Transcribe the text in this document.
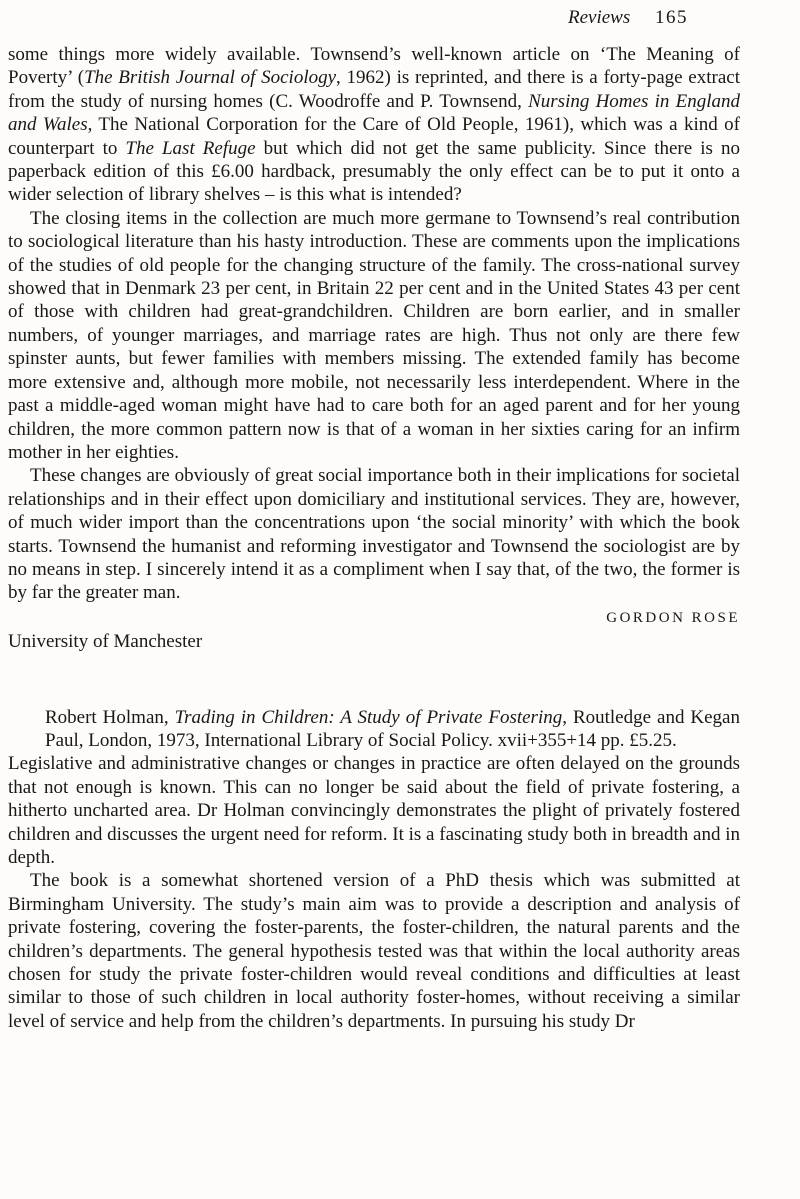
Reviews 165

some things more widely available. Townsend’s well-known article on ‘The Meaning of Poverty’ (The British Journal of Sociology, 1962) is reprinted, and there is a forty-page extract from the study of nursing homes (C. Woodroffe and P. Townsend, Nursing Homes in England and Wales, The National Corporation for the Care of Old People, 1961), which was a kind of counterpart to The Last Refuge but which did not get the same publicity. Since there is no paperback edition of this £6.00 hardback, presumably the only effect can be to put it onto a wider selection of library shelves – is this what is intended?

The closing items in the collection are much more germane to Townsend’s real contribution to sociological literature than his hasty introduction. These are comments upon the implications of the studies of old people for the changing structure of the family. The cross-national survey showed that in Denmark 23 per cent, in Britain 22 per cent and in the United States 43 per cent of those with children had great-grandchildren. Children are born earlier, and in smaller numbers, of younger marriages, and marriage rates are high. Thus not only are there few spinster aunts, but fewer families with members missing. The extended family has become more extensive and, although more mobile, not necessarily less interdependent. Where in the past a middle-aged woman might have had to care both for an aged parent and for her young children, the more common pattern now is that of a woman in her sixties caring for an infirm mother in her eighties.

These changes are obviously of great social importance both in their implications for societal relationships and in their effect upon domiciliary and institutional services. They are, however, of much wider import than the concentrations upon ‘the social minority’ with which the book starts. Townsend the humanist and reforming investigator and Townsend the sociologist are by no means in step. I sincerely intend it as a compliment when I say that, of the two, the former is by far the greater man.

GORDON ROSE

University of Manchester

Robert Holman, Trading in Children: A Study of Private Fostering, Routledge and Kegan Paul, London, 1973, International Library of Social Policy. xvii+355+14 pp. £5.25.

Legislative and administrative changes or changes in practice are often delayed on the grounds that not enough is known. This can no longer be said about the field of private fostering, a hitherto uncharted area. Dr Holman convincingly demonstrates the plight of privately fostered children and discusses the urgent need for reform. It is a fascinating study both in breadth and in depth.

The book is a somewhat shortened version of a PhD thesis which was submitted at Birmingham University. The study’s main aim was to provide a description and analysis of private fostering, covering the foster-parents, the foster-children, the natural parents and the children’s departments. The general hypothesis tested was that within the local authority areas chosen for study the private foster-children would reveal conditions and difficulties at least similar to those of such children in local authority foster-homes, without receiving a similar level of service and help from the children’s departments. In pursuing his study Dr
